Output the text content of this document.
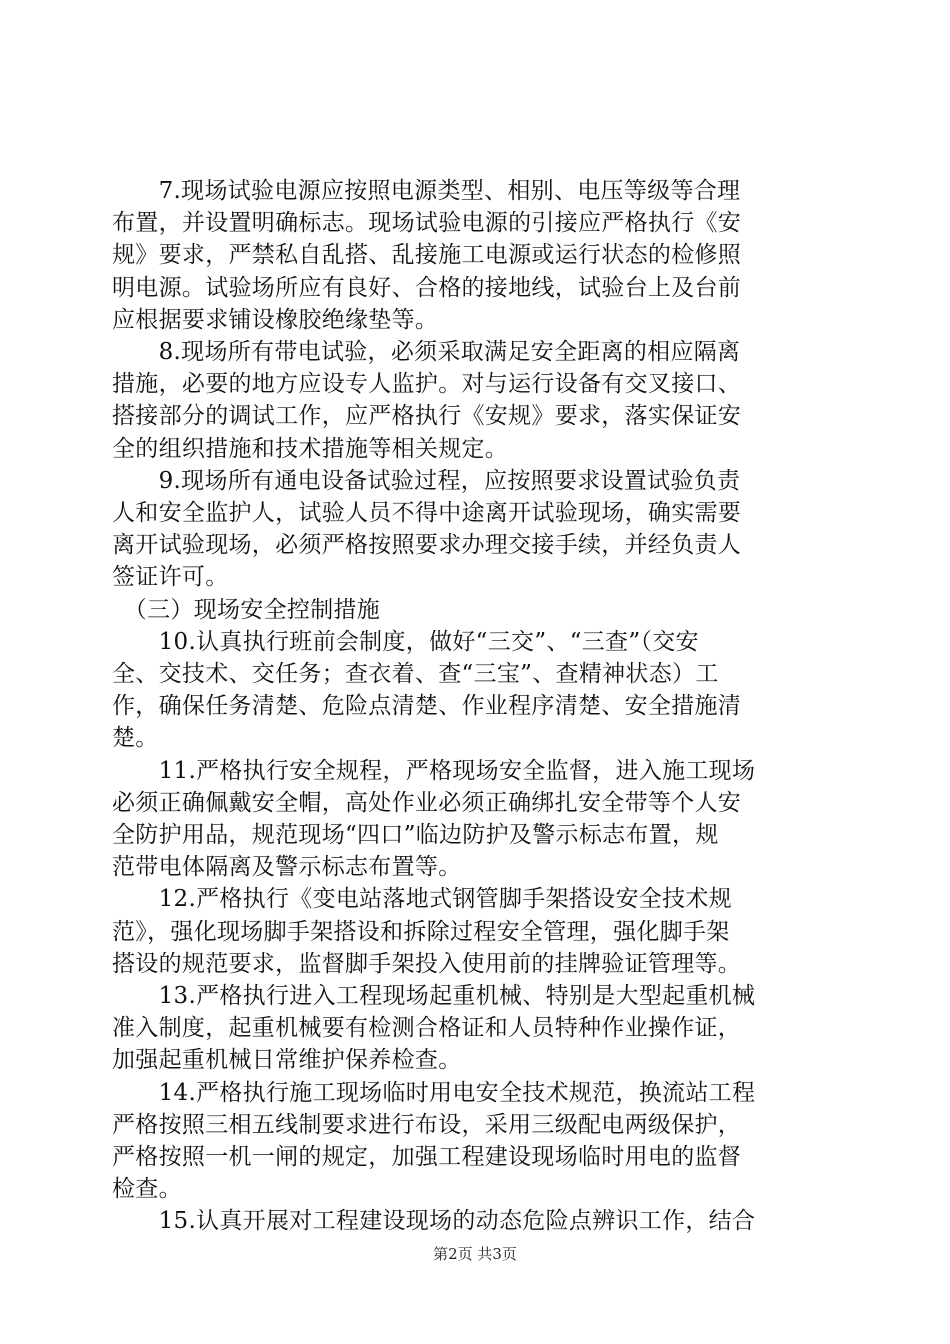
　　7.现场试验电源应按照电源类型、相别、电压等级等合理
布置，并设置明确标志。现场试验电源的引接应严格执行《安
规》要求，严禁私自乱搭、乱接施工电源或运行状态的检修照
明电源。试验场所应有良好、合格的接地线，试验台上及台前
应根据要求铺设橡胶绝缘垫等。
　　8.现场所有带电试验，必须采取满足安全距离的相应隔离
措施，必要的地方应设专人监护。对与运行设备有交叉接口、
搭接部分的调试工作，应严格执行《安规》要求，落实保证安
全的组织措施和技术措施等相关规定。
　　9.现场所有通电设备试验过程，应按照要求设置试验负责
人和安全监护人，试验人员不得中途离开试验现场，确实需要
离开试验现场，必须严格按照要求办理交接手续，并经负责人
签证许可。
　（三）现场安全控制措施
　　10.认真执行班前会制度，做好“三交”、“三查”（交安
全、交技术、交任务；查衣着、查“三宝”、查精神状态）工
作，确保任务清楚、危险点清楚、作业程序清楚、安全措施清
楚。
　　11.严格执行安全规程，严格现场安全监督，进入施工现场
必须正确佩戴安全帽，高处作业必须正确绑扎安全带等个人安
全防护用品，规范现场“四口”临边防护及警示标志布置，规
范带电体隔离及警示标志布置等。
　　12.严格执行《变电站落地式钢管脚手架搭设安全技术规
范》，强化现场脚手架搭设和拆除过程安全管理，强化脚手架
搭设的规范要求，监督脚手架投入使用前的挂牌验证管理等。
　　13.严格执行进入工程现场起重机械、特别是大型起重机械
准入制度，起重机械要有检测合格证和人员特种作业操作证，
加强起重机械日常维护保养检查。
　　14.严格执行施工现场临时用电安全技术规范，换流站工程
严格按照三相五线制要求进行布设，采用三级配电两级保护，
严格按照一机一闸的规定，加强工程建设现场临时用电的监督
检查。
第2页 共3页
　　15.认真开展对工程建设现场的动态危险点辨识工作，结合
